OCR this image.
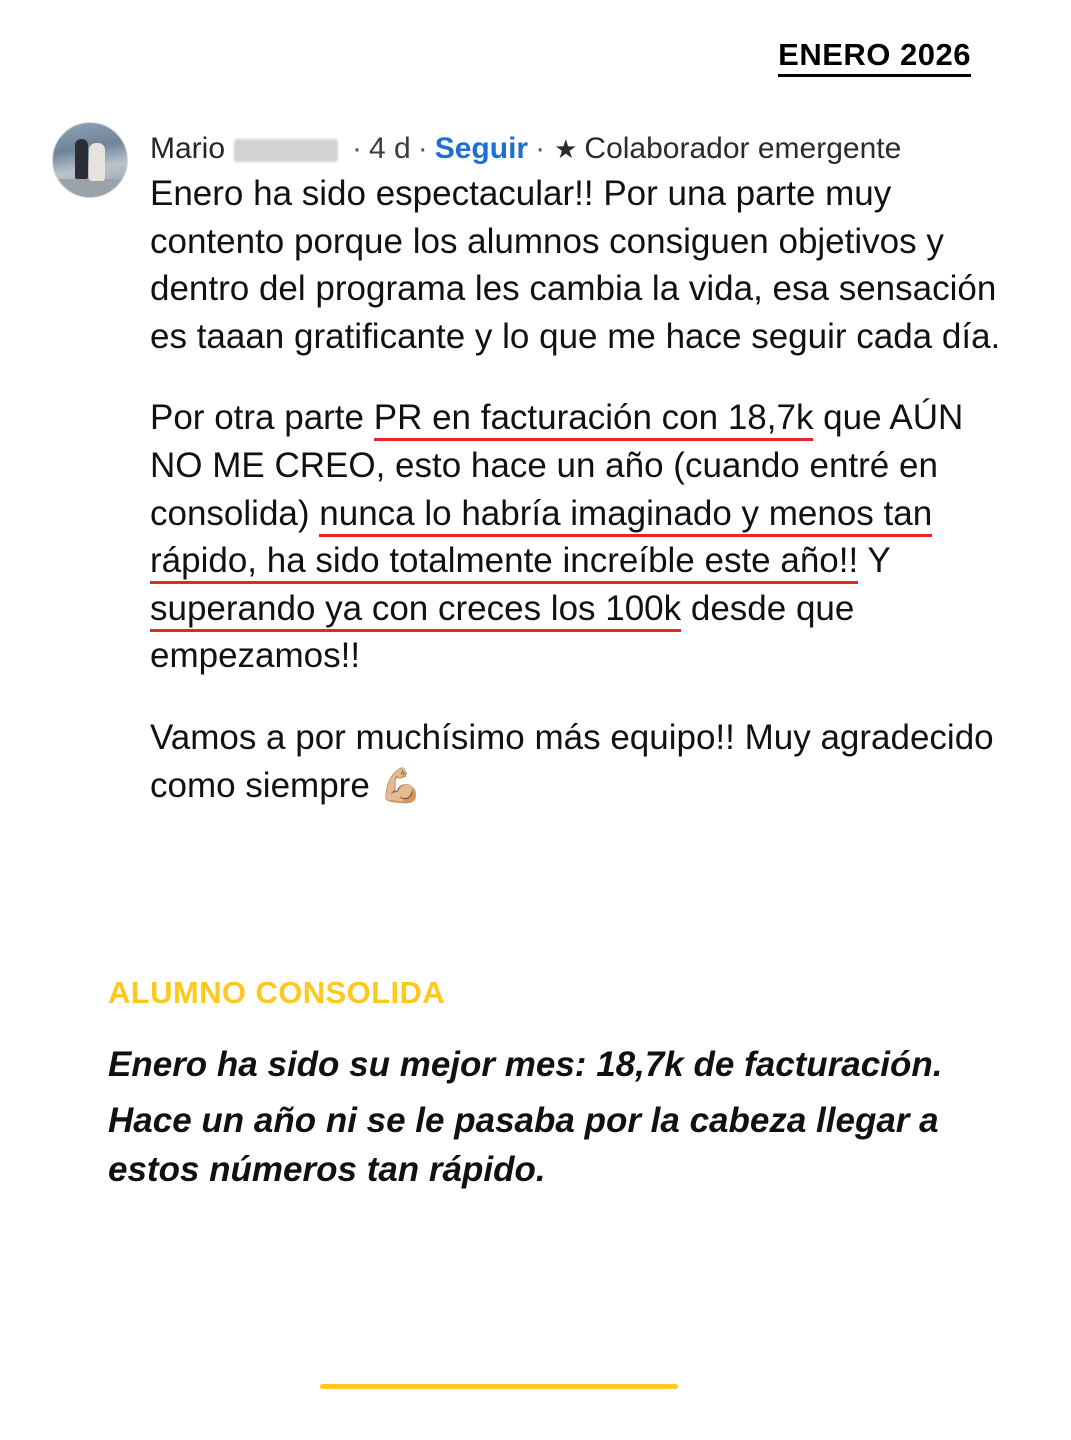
ENERO 2026
Mario	· 4 d · Seguir · ★ Colaborador emergente

Enero ha sido espectacular!! Por una parte muy contento porque los alumnos consiguen objetivos y dentro del programa les cambia la vida, esa sensación es taaan gratificante y lo que me hace seguir cada día.

Por otra parte PR en facturación con 18,7k que AÚN NO ME CREO, esto hace un año (cuando entré en consolida) nunca lo habría imaginado y menos tan rápido, ha sido totalmente increíble este año!! Y superando ya con creces los 100k desde que empezamos!!

Vamos a por muchísimo más equipo!! Muy agradecido como siempre 💪🏼

ALUMNO CONSOLIDA

Enero ha sido su mejor mes: 18,7k de facturación.

Hace un año ni se le pasaba por la cabeza llegar a estos números tan rápido.
